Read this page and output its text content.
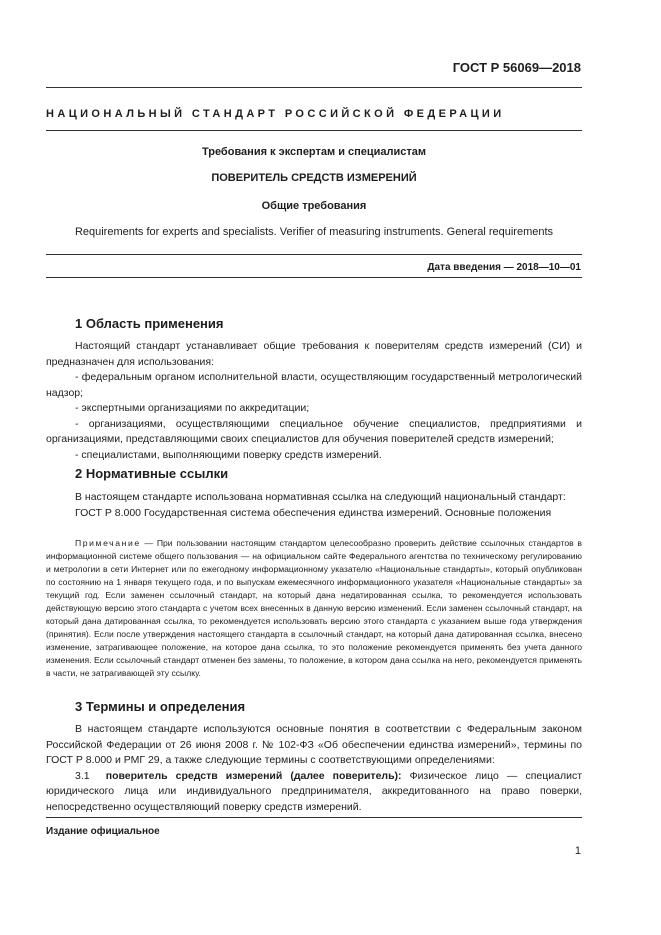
ГОСТ Р 56069—2018
НАЦИОНАЛЬНЫЙ СТАНДАРТ РОССИЙСКОЙ ФЕДЕРАЦИИ
Требования к экспертам и специалистам
ПОВЕРИТЕЛЬ СРЕДСТВ ИЗМЕРЕНИЙ
Общие требования
Requirements for experts and specialists. Verifier of measuring instruments. General requirements
Дата введения — 2018—10—01
1 Область применения

Настоящий стандарт устанавливает общие требования к поверителям средств измерений (СИ) и предназначен для использования:

- федеральным органом исполнительной власти, осуществляющим государственный метрологический надзор;

- экспертными организациями по аккредитации;

- организациями, осуществляющими специальное обучение специалистов, предприятиями и организациями, представляющими своих специалистов для обучения поверителей средств измерений;

- специалистами, выполняющими поверку средств измерений.

2 Нормативные ссылки

В настоящем стандарте использована нормативная ссылка на следующий национальный стандарт:

ГОСТ Р 8.000 Государственная система обеспечения единства измерений. Основные положения

Примечание — При пользовании настоящим стандартом целесообразно проверить действие ссылочных стандартов в информационной системе общего пользования — на официальном сайте Федерального агентства по техническому регулированию и метрологии в сети Интернет или по ежегодному информационному указателю «Национальные стандарты», который опубликован по состоянию на 1 января текущего года, и по выпускам ежемесячного информационного указателя «Национальные стандарты» за текущий год. Если заменен ссылочный стандарт, на который дана недатированная ссылка, то рекомендуется использовать действующую версию этого стандарта с учетом всех внесенных в данную версию изменений. Если заменен ссылочный стандарт, на который дана датированная ссылка, то рекомендуется использовать версию этого стандарта с указанием выше года утверждения (принятия). Если после утверждения настоящего стандарта в ссылочный стандарт, на который дана датированная ссылка, внесено изменение, затрагивающее положение, на которое дана ссылка, то это положение рекомендуется применять без учета данного изменения. Если ссылочный стандарт отменен без замены, то положение, в котором дана ссылка на него, рекомендуется применять в части, не затрагивающей эту ссылку.

3 Термины и определения

В настоящем стандарте используются основные понятия в соответствии с Федеральным законом Российской Федерации от 26 июня 2008 г. № 102-ФЗ «Об обеспечении единства измерений», термины по ГОСТ Р 8.000 и РМГ 29, а также следующие термины с соответствующими определениями:

3.1 поверитель средств измерений (далее поверитель): Физическое лицо — специалист юридического лица или индивидуального предпринимателя, аккредитованного на право поверки, непосредственно осуществляющий поверку средств измерений.

Издание официальное
1
